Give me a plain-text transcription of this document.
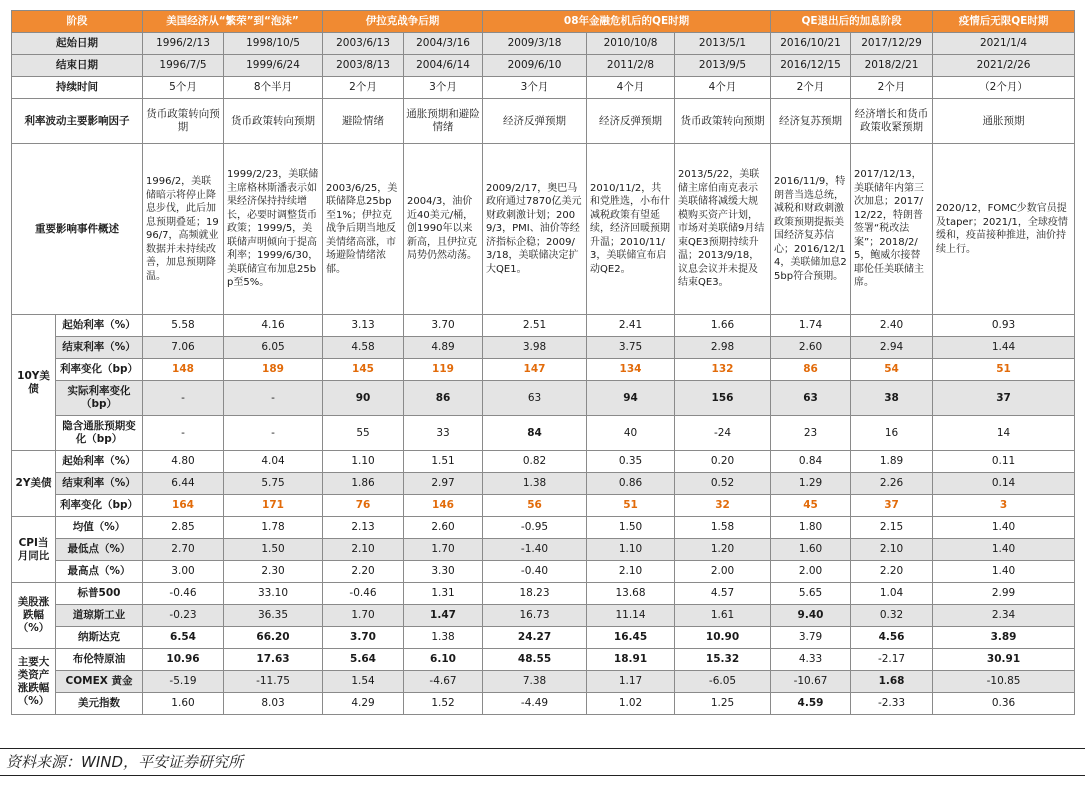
阶段		美国经济从“繁荣”到“泡沫”		伊拉克战争后期		08年金融危机后的QE时期			QE退出后的加息阶段		疫情后无限QE时期
起始日期		1996/2/13	1998/10/5	2003/6/13	2004/3/16	2009/3/18	2010/10/8	2013/5/1	2016/10/21	2017/12/29	2021/1/4
结束日期		1996/7/5	1999/6/24	2003/8/13	2004/6/14	2009/6/10	2011/2/8	2013/9/5	2016/12/15	2018/2/21	2021/2/26
持续时间		5个月	8个半月	2个月	3个月	3个月	4个月	4个月	2个月	2个月	（2个月）
利率波动主要影响因子		货币政策转向预期	货币政策转向预期	避险情绪	通胀预期和避险情绪	经济反弹预期	经济反弹预期	货币政策转向预期	经济复苏预期	经济增长和货币政策收紧预期	通胀预期
重要影响事件概述		1996/2，美联储暗示将停止降息步伐，此后加息预期叠延；1996/7，高频就业数据并未持续改善，加息预期降温。	1999/2/23，美联储主席格林斯潘表示如果经济保持持续增长，必要时调整货币政策；1999/5，美联储声明倾向于提高利率；1999/6/30，美联储宣布加息25bp至5%。	2003/6/25，美联储降息25bp至1%；伊拉克战争后期当地反美情绪高涨，市场避险情绪浓郁。	2004/3，油价近40美元/桶，创1990年以来新高，且伊拉克局势仍然动荡。	2009/2/17，奥巴马政府通过7870亿美元财政刺激计划；2009/3，PMI、油价等经济指标企稳；2009/3/18，美联储决定扩大QE1。	2010/11/2，共和党胜选，小布什减税政策有望延续，经济回暖预期升温；2010/11/3，美联储宣布启动QE2。	2013/5/22，美联储主席伯南克表示美联储将减缓大规模购买资产计划，市场对美联储9月结束QE3预期持续升温；2013/9/18，议息会议并未提及结束QE3。	2016/11/9，特朗普当选总统，减税和财政刺激政策预期提振美国经济复苏信心；2016/12/14，美联储加息25bp符合预期。	2017/12/13，美联储年内第三次加息；2017/12/22，特朗普签署“税改法案”；2018/2/5，鲍威尔接替耶伦任美联储主席。	2020/12，FOMC少数官员提及taper；2021/1，全球疫情缓和，疫苗接种推进，油价持续上行。
10Y美债	起始利率（%）	5.58	4.16	3.13	3.70	2.51	2.41	1.66	1.74	2.40	0.93
	结束利率（%）	7.06	6.05	4.58	4.89	3.98	3.75	2.98	2.60	2.94	1.44
	利率变化（bp）	148	189	145	119	147	134	132	86	54	51
	实际利率变化（bp）	-	-	90	86	63	94	156	63	38	37
	隐含通胀预期变化（bp）	-	-	55	33	84	40	-24	23	16	14
2Y美债	起始利率（%）	4.80	4.04	1.10	1.51	0.82	0.35	0.20	0.84	1.89	0.11
	结束利率（%）	6.44	5.75	1.86	2.97	1.38	0.86	0.52	1.29	2.26	0.14
	利率变化（bp）	164	171	76	146	56	51	32	45	37	3
CPI当月同比	均值（%）	2.85	1.78	2.13	2.60	-0.95	1.50	1.58	1.80	2.15	1.40
	最低点（%）	2.70	1.50	2.10	1.70	-1.40	1.10	1.20	1.60	2.10	1.40
	最高点（%）	3.00	2.30	2.20	3.30	-0.40	2.10	2.00	2.00	2.20	1.40
美股涨跌幅（%）	标普500	-0.46	33.10	-0.46	1.31	18.23	13.68	4.57	5.65	1.04	2.99
	道琼斯工业	-0.23	36.35	1.70	1.47	16.73	11.14	1.61	9.40	0.32	2.34
	纳斯达克	6.54	66.20	3.70	1.38	24.27	16.45	10.90	3.79	4.56	3.89
主要大类资产涨跌幅（%）	布伦特原油	10.96	17.63	5.64	6.10	48.55	18.91	15.32	4.33	-2.17	30.91
	COMEX 黄金	-5.19	-11.75	1.54	-4.67	7.38	1.17	-6.05	-10.67	1.68	-10.85
	美元指数	1.60	8.03	4.29	1.52	-4.49	1.02	1.25	4.59	-2.33	0.36
资料来源：WIND，平安证券研究所
